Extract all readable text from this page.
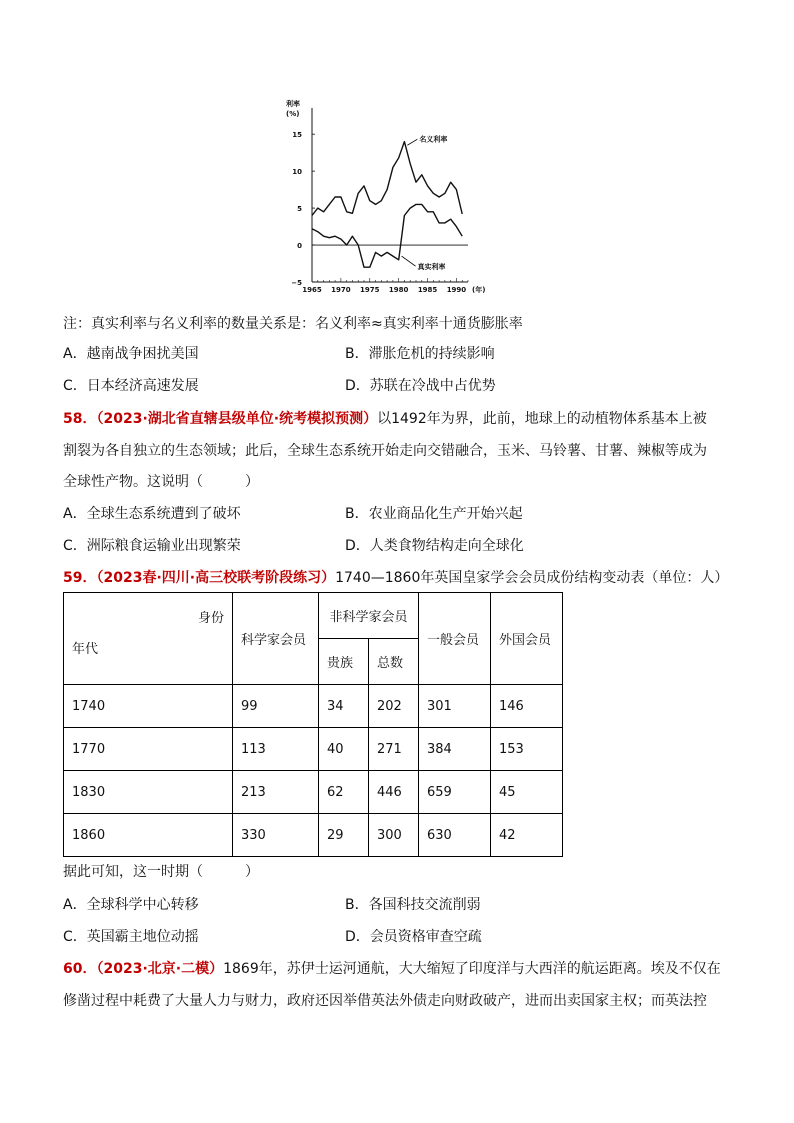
利率
(%)
−5
0
5
10
15
1965 1970 1975 1980 1985 1990 (年)
名义利率
真实利率
注：真实利率与名义利率的数量关系是：名义利率≈真实利率十通货膨胀率
A．越南战争困扰美国	B．滞胀危机的持续影响
C．日本经济高速发展	D．苏联在冷战中占优势
58．（2023·湖北省直辖县级单位·统考模拟预测）以1492年为界，此前，地球上的动植物体系基本上被
割裂为各自独立的生态领域；此后，全球生态系统开始走向交错融合，玉米、马铃薯、甘薯、辣椒等成为
全球性产物。这说明（　　　）
A．全球生态系统遭到了破坏	B．农业商品化生产开始兴起
C．洲际粮食运输业出现繁荣	D．人类食物结构走向全球化
59．（2023春·四川·高三校联考阶段练习）1740—1860年英国皇家学会会员成份结构变动表（单位：人）
身份
年代	科学家会员	非科学家会员		一般会员	外国会员
		贵族	总数		
1740	99	34	202	301	146
1770	113	40	271	384	153
1830	213	62	446	659	45
1860	330	29	300	630	42
据此可知，这一时期（　　　）
A．全球科学中心转移	B．各国科技交流削弱
C．英国霸主地位动摇	D．会员资格审查空疏
60．（2023·北京·二模）1869年，苏伊士运河通航，大大缩短了印度洋与大西洋的航运距离。埃及不仅在
修凿过程中耗费了大量人力与财力，政府还因举借英法外债走向财政破产，进而出卖国家主权；而英法控
